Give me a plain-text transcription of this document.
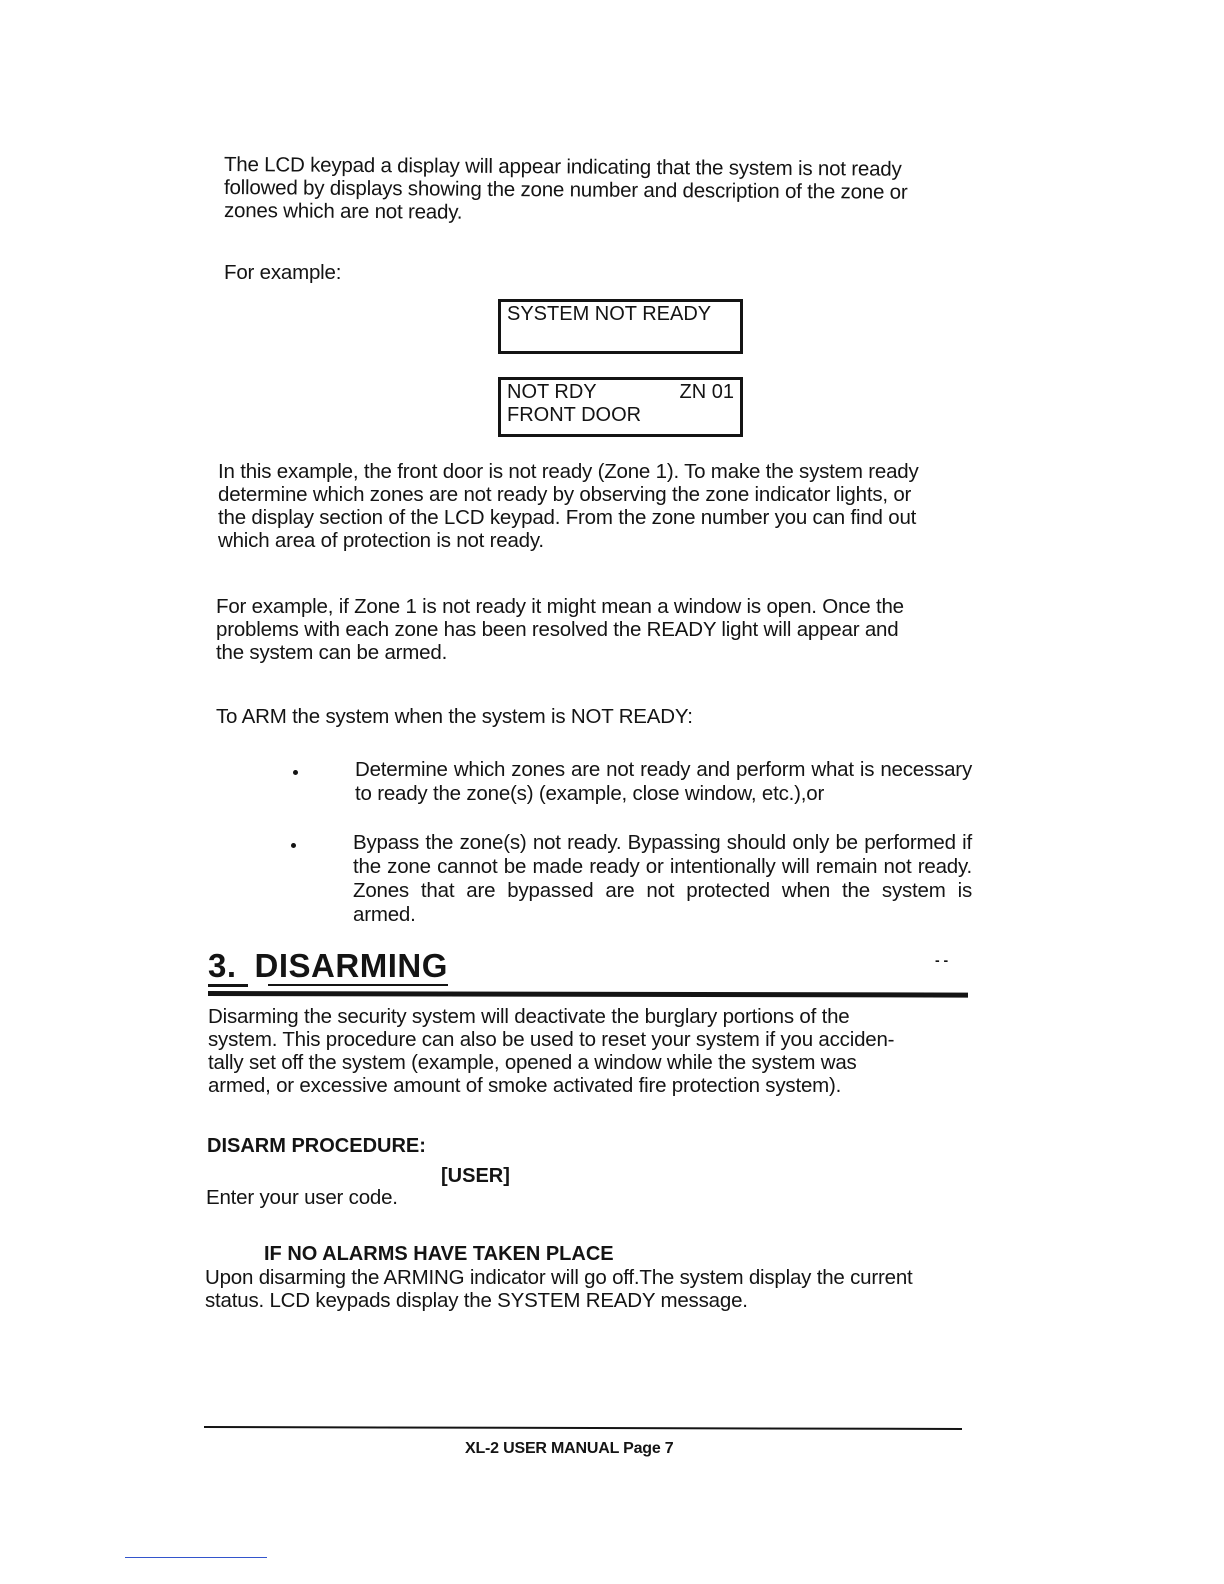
The LCD keypad a display will appear indicating that the system is not ready
followed by displays showing the zone number and description of the zone or
zones which are not ready.
For example:
SYSTEM NOT READY
NOT RDY	ZN 01
FRONT DOOR
In this example, the front door is not ready (Zone 1). To make the system ready
determine which zones are not ready by observing the zone indicator lights, or
the display section of the LCD keypad. From the zone number you can find out
which area of protection is not ready.
For example, if Zone 1 is not ready it might mean a window is open. Once the
problems with each zone has been resolved the READY light will appear and
the system can be armed.
To ARM the system when the system is NOT READY:

Determine which zones are not ready and perform what is necessary to ready the zone(s) (example, close window, etc.),or

Bypass the zone(s) not ready. Bypassing should only be performed if the zone cannot be made ready or intentionally will remain not ready. Zones that are bypassed are not protected when the system is armed.

3. DISARMING	- -
Disarming the security system will deactivate the burglary portions of the
system. This procedure can also be used to reset your system if you acciden-
tally set off the system (example, opened a window while the system was
armed, or excessive amount of smoke activated fire protection system).
DISARM PROCEDURE:
[USER]
Enter your user code.
IF NO ALARMS HAVE TAKEN PLACE
Upon disarming the ARMING indicator will go off.The system display the current
status. LCD keypads display the SYSTEM READY message.
XL-2 USER MANUAL Page 7
